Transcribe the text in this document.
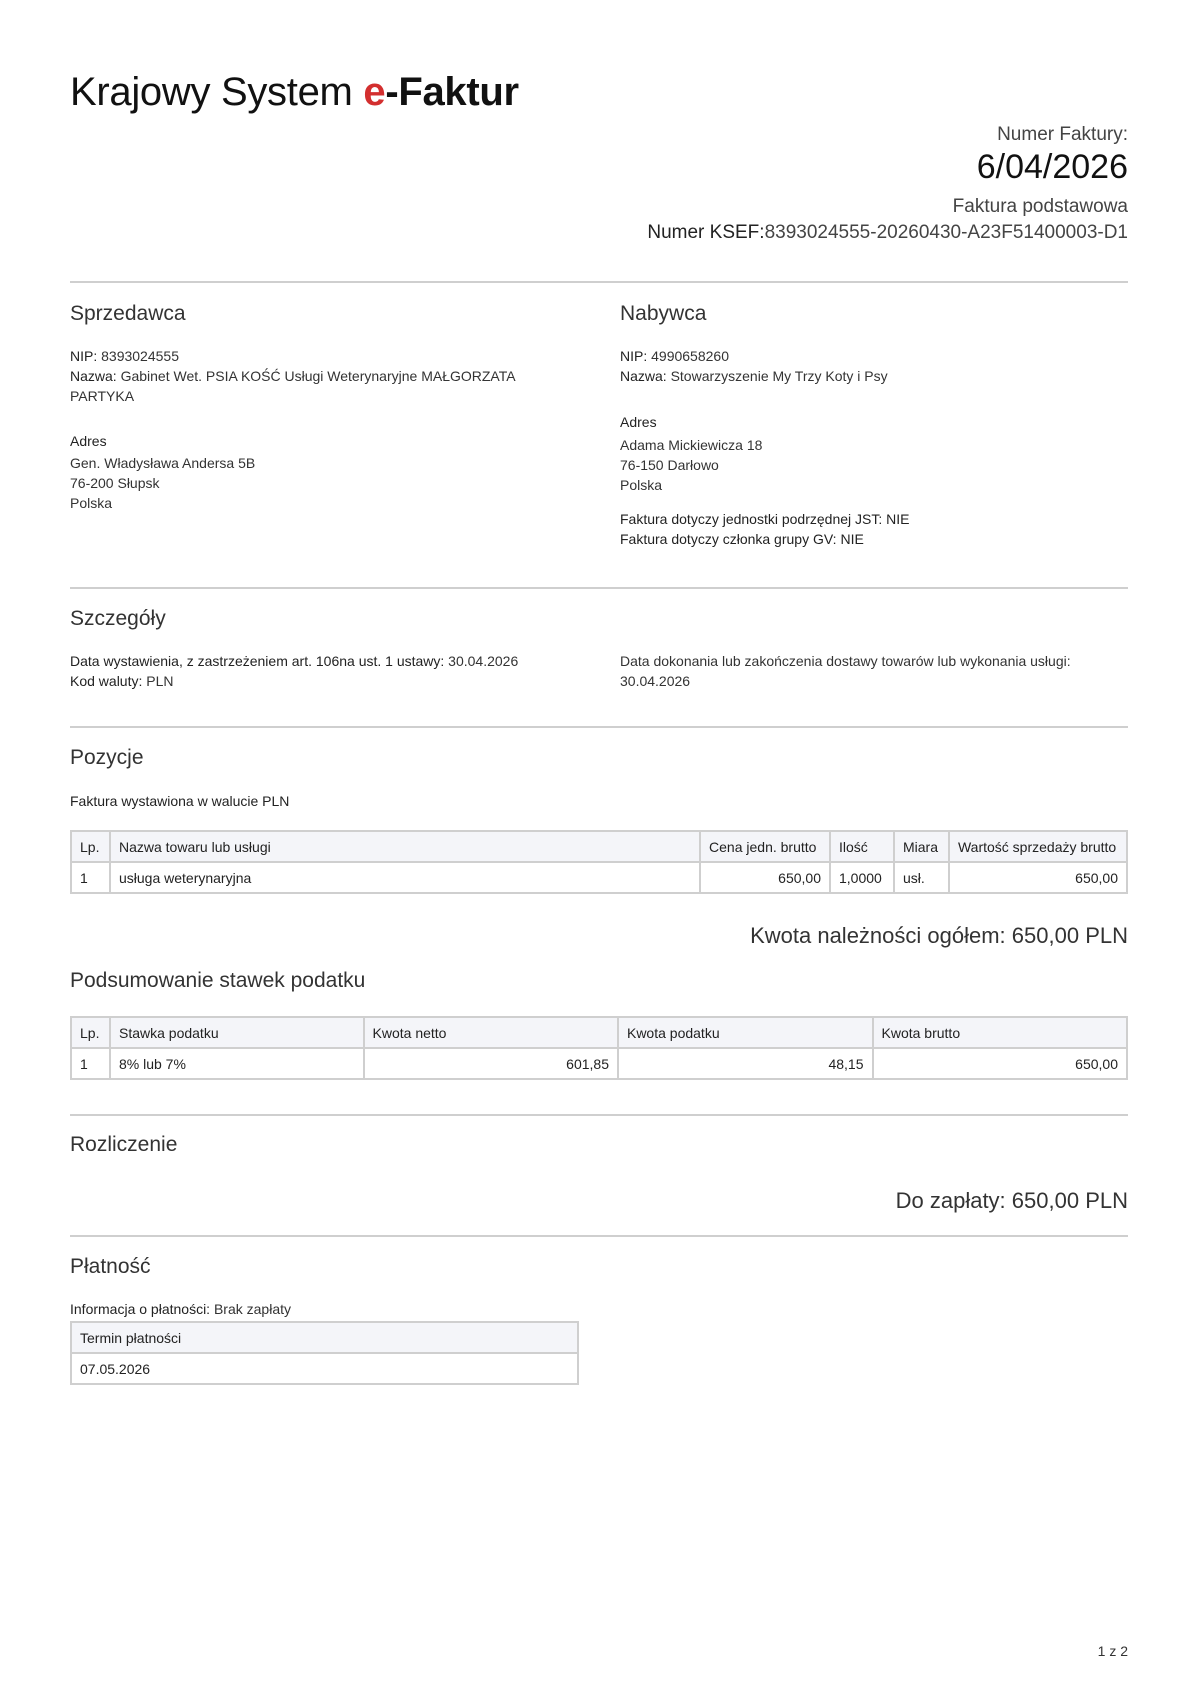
Krajowy System e-Faktur
Numer Faktury:
6/04/2026
Faktura podstawowa
Numer KSEF:8393024555-20260430-A23F51400003-D1
Sprzedawca
NIP: 8393024555
Nazwa: Gabinet Wet. PSIA KOŚĆ Usługi Weterynaryjne MAŁGORZATA PARTYKA
Adres
Gen. Władysława Andersa 5B
76-200 Słupsk
Polska
Nabywca
NIP: 4990658260
Nazwa: Stowarzyszenie My Trzy Koty i Psy
Adres
Adama Mickiewicza 18
76-150 Darłowo
Polska
Faktura dotyczy jednostki podrzędnej JST: NIE
Faktura dotyczy członka grupy GV: NIE
Szczegóły
Data wystawienia, z zastrzeżeniem art. 106na ust. 1 ustawy: 30.04.2026
Kod waluty: PLN
Data dokonania lub zakończenia dostawy towarów lub wykonania usługi:
30.04.2026
Pozycje
Faktura wystawiona w walucie PLN
Lp.	Nazwa towaru lub usługi	Cena jedn. brutto	Ilość	Miara	Wartość sprzedaży brutto
1	usługa weterynaryjna	650,00	1,0000	usł.	650,00
Kwota należności ogółem: 650,00 PLN
Podsumowanie stawek podatku
Lp.	Stawka podatku	Kwota netto	Kwota podatku	Kwota brutto
1	8% lub 7%	601,85	48,15	650,00
Rozliczenie
Do zapłaty: 650,00 PLN
Płatność
Informacja o płatności: Brak zapłaty
Termin płatności
07.05.2026
1 z 2
